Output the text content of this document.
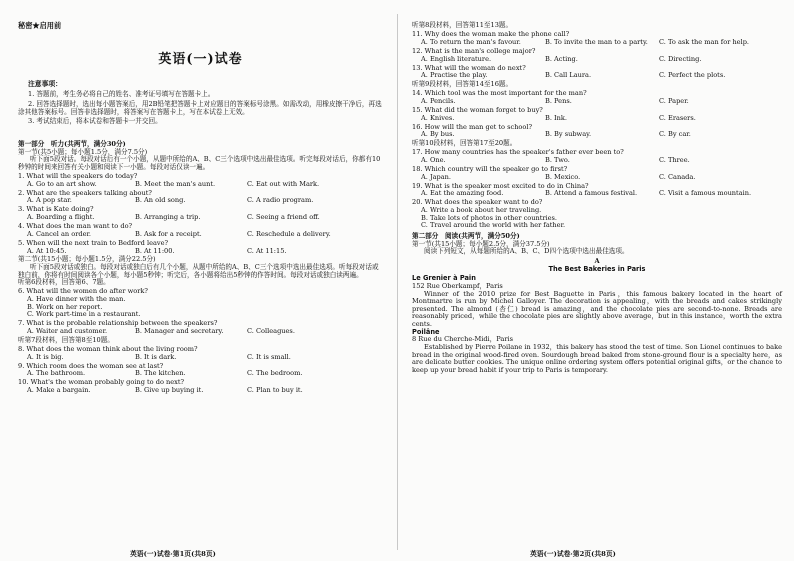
秘密★启用前
英语(一)试卷
注意事项：

1. 答题前，考生务必将自己的姓名、准考证号填写在答题卡上。

2. 回答选择题时，选出每小题答案后，用2B铅笔把答题卡上对应题目的答案标号涂黑。如需改动，用橡皮擦干净后，再选涂其他答案标号。回答非选择题时，将答案写在答题卡上，写在本试卷上无效。

3. 考试结束后，将本试卷和答题卡一并交回。

第一部分　听力(共两节，满分30分)
第一节(共5小题；每小题1.5分，满分7.5分)
听下面5段对话。每段对话后有一个小题，从题中所给的A、B、C三个选项中选出最佳选项。听完每段对话后，你都有10秒钟的时间来回答有关小题和阅读下一小题。每段对话仅读一遍。
1. What will the speakers do today?
A. Go to an art show.	B. Meet the man's aunt.	C. Eat out with Mark.
2. What are the speakers talking about?
A. A pop star.	B. An old song.	C. A radio program.
3. What is Kate doing?
A. Boarding a flight.	B. Arranging a trip.	C. Seeing a friend off.
4. What does the man want to do?
A. Cancel an order.	B. Ask for a receipt.	C. Reschedule a delivery.
5. When will the next train to Bedford leave?
A. At 10:45.	B. At 11:00.	C. At 11:15.
第二节(共15小题；每小题1.5分，满分22.5分)
听下面5段对话或独白。每段对话或独白后有几个小题，从题中所给的A、B、C三个选项中选出最佳选项。听每段对话或独白前，你将有时间阅读各个小题，每小题5秒钟；听完后，各小题将给出5秒钟的作答时间。每段对话或独白读两遍。
听第6段材料，回答第6、7题。
6. What will the women do after work?
A. Have dinner with the man.
B. Work on her report.
C. Work part-time in a restaurant.
7. What is the probable relationship between the speakers?
A. Waiter and customer.	B. Manager and secretary.	C. Colleagues.
听第7段材料，回答第8至10题。
8. What does the woman think about the living room?
A. It is big.	B. It is dark.	C. It is small.
9. Which room does the woman see at last?
A. The bathroom.	B. The kitchen.	C. The bedroom.
10. What's the woman probably going to do next?
A. Make a bargain.	B. Give up buying it.	C. Plan to buy it.
听第8段材料，回答第11至13题。
11. Why does the woman make the phone call?
A. To return the man's favour.	B. To invite the man to a party.	C. To ask the man for help.
12. What is the man's college major?
A. English literature.	B. Acting.	C. Directing.
13. What will the woman do next?
A. Practise the play.	B. Call Laura.	C. Perfect the plots.
听第9段材料，回答第14至16题。
14. Which tool was the most important for the man?
A. Pencils.	B. Pens.	C. Paper.
15. What did the woman forget to buy?
A. Knives.	B. Ink.	C. Erasers.
16. How will the man get to school?
A. By bus.	B. By subway.	C. By car.
听第10段材料，回答第17至20题。
17. How many countries has the speaker's father ever been to?
A. One.	B. Two.	C. Three.
18. Which country will the speaker go to first?
A. Japan.	B. Mexico.	C. Canada.
19. What is the speaker most excited to do in China?
A. Eat the amazing food.	B. Attend a famous festival.	C. Visit a famous mountain.
20. What does the speaker want to do?
A. Write a book about her traveling.
B. Take lots of photos in other countries.
C. Travel around the world with her father.
第二部分　阅读(共两节，满分50分)
第一节(共15小题；每小题2.5分，满分37.5分)
阅读下列短文，从每题所给的A、B、C、D四个选项中选出最佳选项。
A
The Best Bakeries in Paris
Le Grenier à Pain
152 Rue Oberkampf，Paris
Winner of the 2010 prize for Best Baguette in Paris，this famous bakery located in the heart of Montmartre is run by Michel Galloyer. The decoration is appealing，with the breads and cakes strikingly presented. The almond (杏仁) bread is amazing，and the chocolate pies are second-to-none. Breads are reasonably priced，while the chocolate pies are slightly above average，but in this instance，worth the extra cents.
Poilâne
8 Rue du Cherche-Midi，Paris
Established by Pierre Poilane in 1932，this bakery has stood the test of time. Son Lionel continues to bake bread in the original wood-fired oven. Sourdough bread baked from stone-ground flour is a specialty here，as are delicate butter cookies. The unique online ordering system offers potential original gifts，or the chance to keep up your bread habit if your trip to Paris is temporary.
英语(一)试卷·第1页(共8页)	英语(一)试卷·第2页(共8页)
